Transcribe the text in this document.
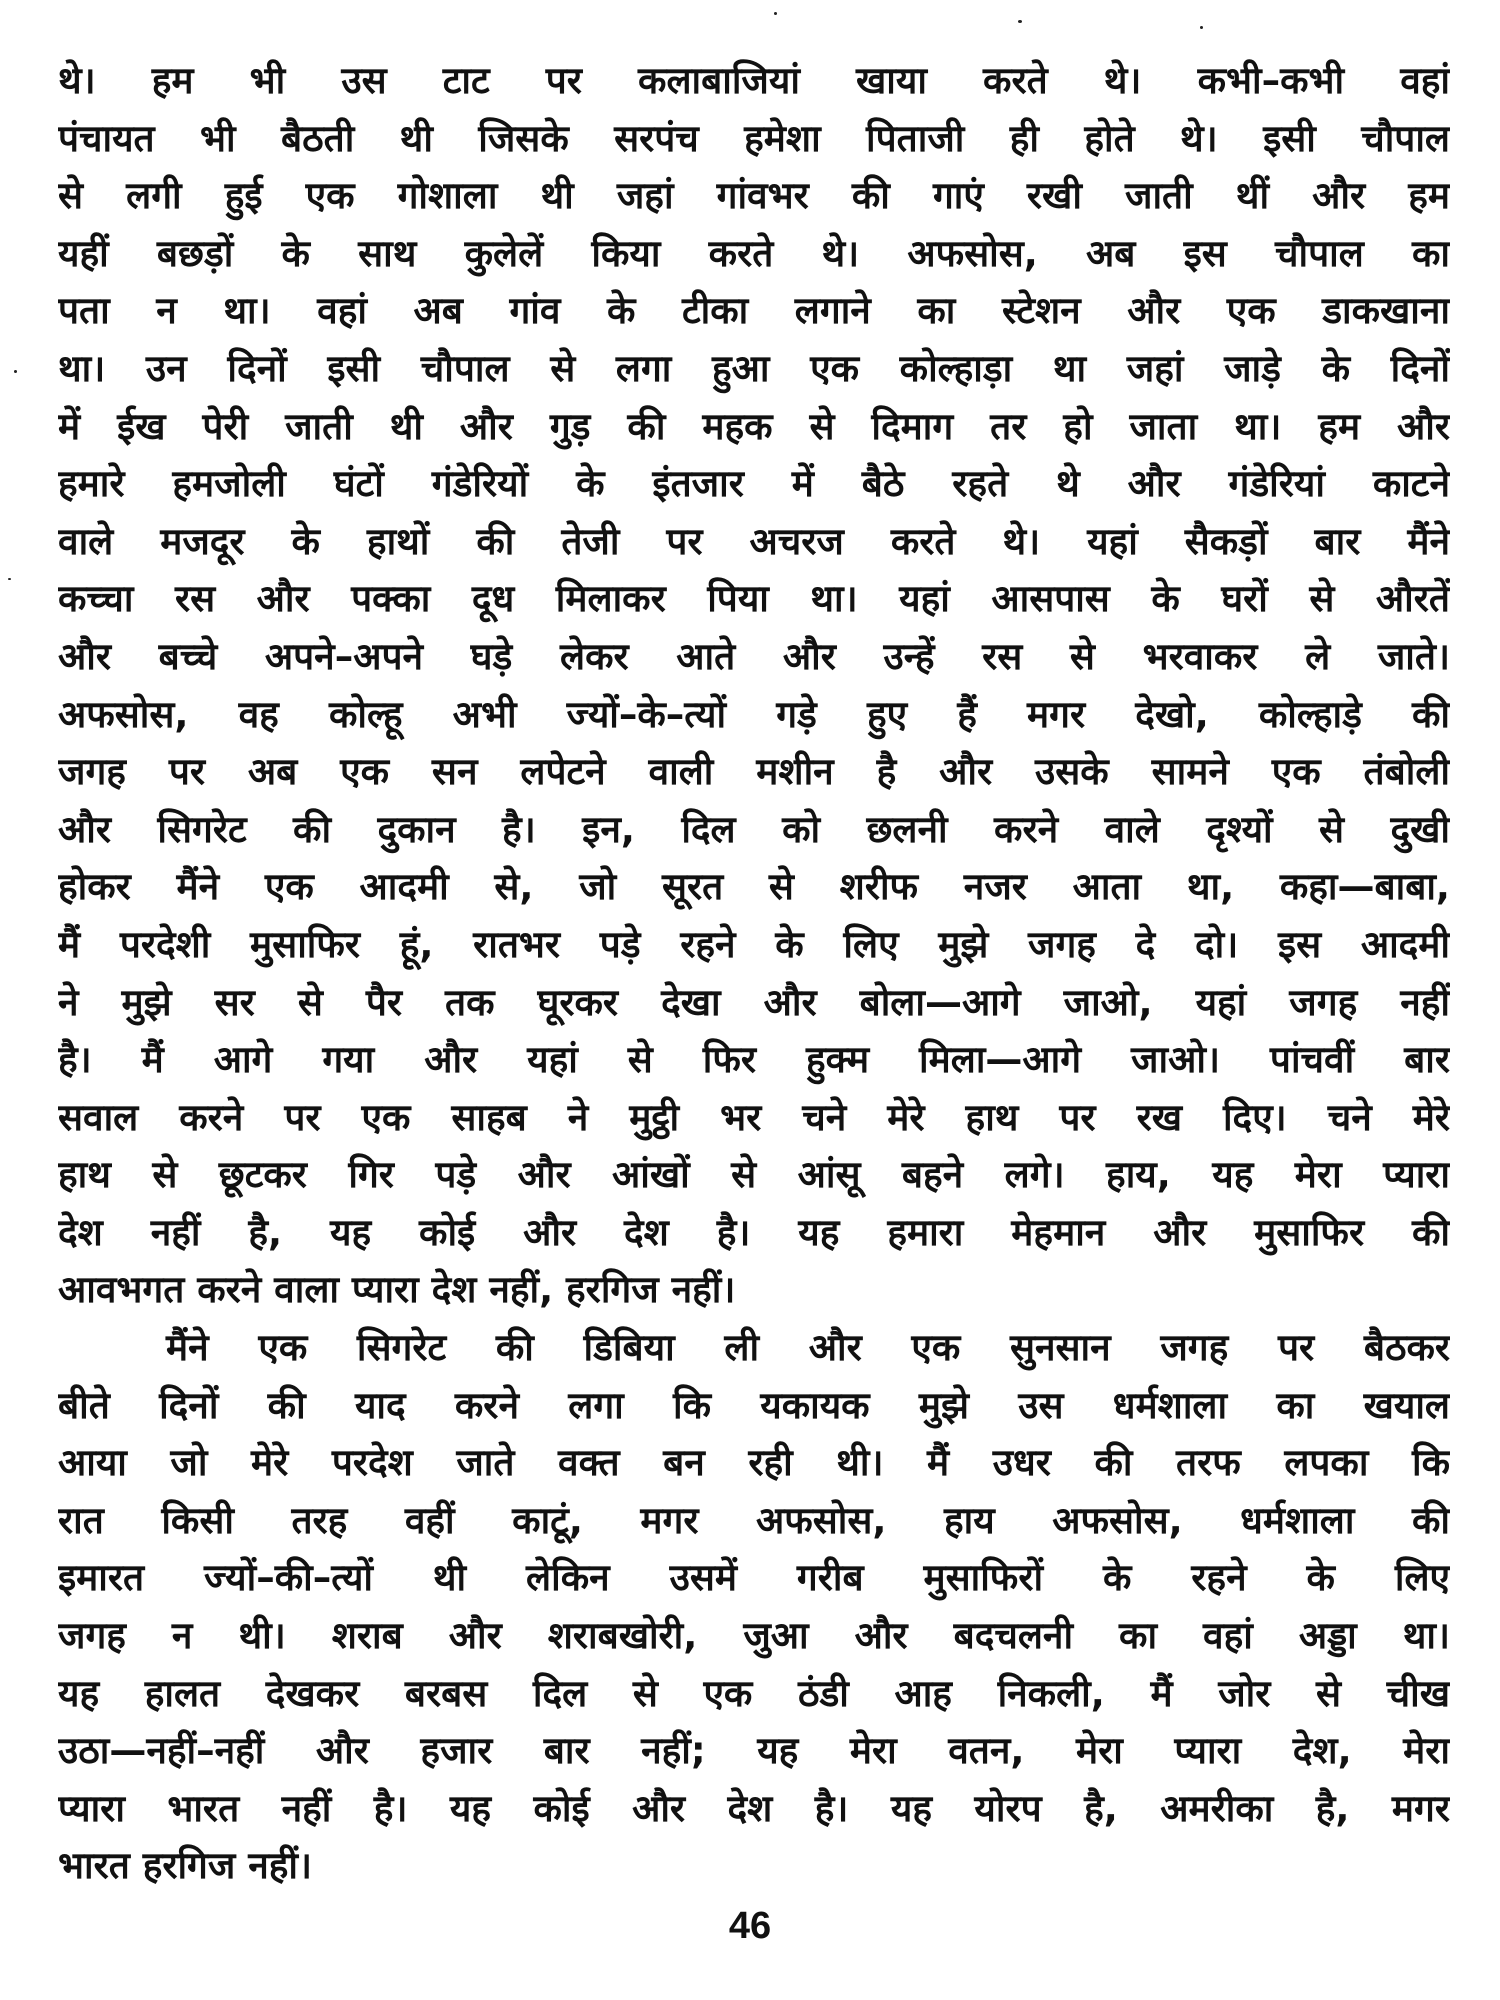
थे। हम भी उस टाट पर कलाबाजियां खाया करते थे। कभी–कभी वहां
पंचायत भी बैठती थी जिसके सरपंच हमेशा पिताजी ही होते थे। इसी चौपाल
से लगी हुई एक गोशाला थी जहां गांवभर की गाएं रखी जाती थीं और हम
यहीं बछड़ों के साथ कुलेलें किया करते थे। अफसोस, अब इस चौपाल का
पता न था। वहां अब गांव के टीका लगाने का स्टेशन और एक डाकखाना
था। उन दिनों इसी चौपाल से लगा हुआ एक कोल्हाड़ा था जहां जाड़े के दिनों
में ईख पेरी जाती थी और गुड़ की महक से दिमाग तर हो जाता था। हम और
हमारे हमजोली घंटों गंडेरियों के इंतजार में बैठे रहते थे और गंडेरियां काटने
वाले मजदूर के हाथों की तेजी पर अचरज करते थे। यहां सैकड़ों बार मैंने
कच्चा रस और पक्का दूध मिलाकर पिया था। यहां आसपास के घरों से औरतें
और बच्चे अपने–अपने घड़े लेकर आते और उन्हें रस से भरवाकर ले जाते।
अफसोस, वह कोल्हू अभी ज्यों–के–त्यों गड़े हुए हैं मगर देखो, कोल्हाड़े की
जगह पर अब एक सन लपेटने वाली मशीन है और उसके सामने एक तंबोली
और सिगरेट की दुकान है। इन, दिल को छलनी करने वाले दृश्यों से दुखी
होकर मैंने एक आदमी से, जो सूरत से शरीफ नजर आता था, कहा—बाबा,
मैं परदेशी मुसाफिर हूं, रातभर पड़े रहने के लिए मुझे जगह दे दो। इस आदमी
ने मुझे सर से पैर तक घूरकर देखा और बोला—आगे जाओ, यहां जगह नहीं
है। मैं आगे गया और यहां से फिर हुक्म मिला—आगे जाओ। पांचवीं बार
सवाल करने पर एक साहब ने मुट्ठी भर चने मेरे हाथ पर रख दिए। चने मेरे
हाथ से छूटकर गिर पड़े और आंखों से आंसू बहने लगे। हाय, यह मेरा प्यारा
देश नहीं है, यह कोई और देश है। यह हमारा मेहमान और मुसाफिर की
आवभगत करने वाला प्यारा देश नहीं, हरगिज नहीं।
मैंने एक सिगरेट की डिबिया ली और एक सुनसान जगह पर बैठकर
बीते दिनों की याद करने लगा कि यकायक मुझे उस धर्मशाला का खयाल
आया जो मेरे परदेश जाते वक्त बन रही थी। मैं उधर की तरफ लपका कि
रात किसी तरह वहीं काटूं, मगर अफसोस, हाय अफसोस, धर्मशाला की
इमारत ज्यों–की–त्यों थी लेकिन उसमें गरीब मुसाफिरों के रहने के लिए
जगह न थी। शराब और शराबखोरी, जुआ और बदचलनी का वहां अड्डा था।
यह हालत देखकर बरबस दिल से एक ठंडी आह निकली, मैं जोर से चीख
उठा—नहीं–नहीं और हजार बार नहीं; यह मेरा वतन, मेरा प्यारा देश, मेरा
प्यारा भारत नहीं है। यह कोई और देश है। यह योरप है, अमरीका है, मगर
भारत हरगिज नहीं।
46
